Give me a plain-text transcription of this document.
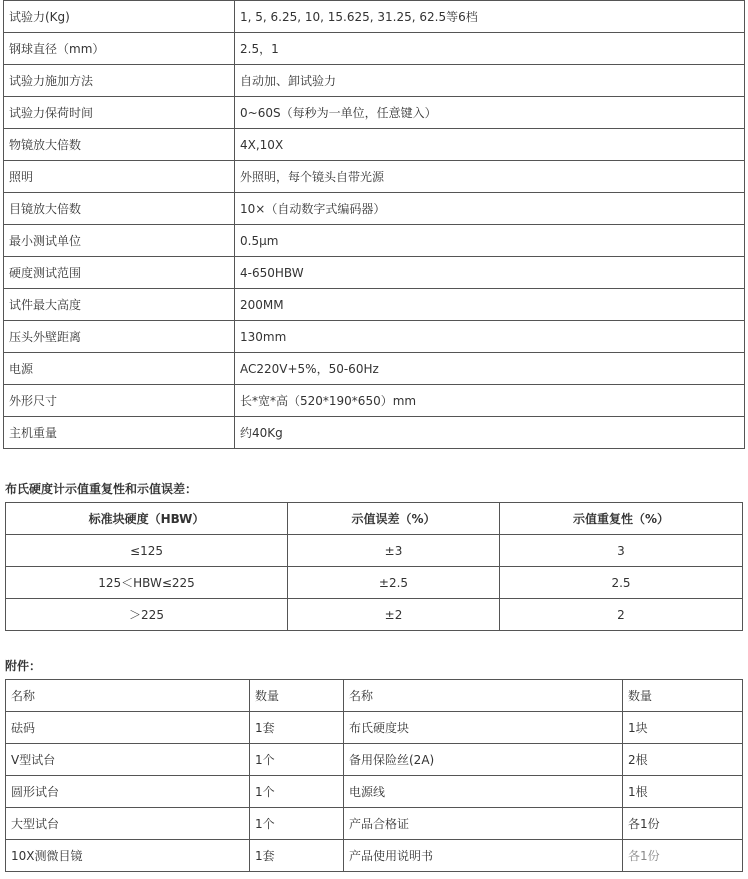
试验力(Kg)	1, 5, 6.25, 10, 15.625, 31.25, 62.5等6档
钢球直径（mm）	2.5，1
试验力施加方法	自动加、卸试验力
试验力保荷时间	0~60S（每秒为一单位，任意键入）
物镜放大倍数	4X,10X
照明	外照明，每个镜头自带光源
目镜放大倍数	10×（自动数字式编码器）
最小测试单位	0.5μm
硬度测试范围	4-650HBW
试件最大高度	200MM
压头外壁距离	130mm
电源	AC220V+5%，50-60Hz
外形尺寸	长*宽*高（520*190*650）mm
主机重量	约40Kg

布氏硬度计示值重复性和示值误差：

标准块硬度（HBW）	示值误差（%）	示值重复性（%）
≤125	±3	3
125＜HBW≤225	±2.5	2.5
＞225	±2	2

附件：

名称	数量	名称	数量
砝码	1套	布氏硬度块	1块
V型试台	1个	备用保险丝(2A)	2根
圆形试台	1个	电源线	1根
大型试台	1个	产品合格证	各1份
10X测微目镜	1套	产品使用说明书	各1份
